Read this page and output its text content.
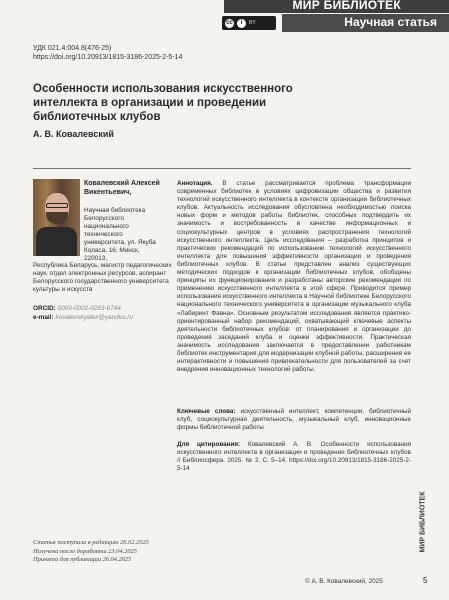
МИР БИБЛИОТЕК
cc	i	BY	Научная статья
УДК 021.4:004.8(476-25)
https://doi.org/10.20913/1815-3186-2025-2-5-14
Особенности использования искусственного интеллекта в организации и проведении библиотечных клубов
А. В. Ковалевский
Ковалевский Алексей Викентьевич,
Научная библиотека Белорусского национального технического университета, ул. Якуба Коласа, 16, Минск, 220013,
Республика Беларусь, магистр педагогических наук, отдел электронных ресурсов, аспирант Белорусского государственного университета культуры и искусств
ORCID: 0009-0002-0283-6744
e-mail: kovalevskyalex@yandex.ru
Аннотация. В статье рассматривается проблема трансформации современных библиотек в условиях цифровизации общества и развития технологий искусственного интеллекта в контексте организации библиотечных клубов. Актуальность исследования обусловлена необходимостью поиска новых форм и методов работы библиотек, способных подтвердить их значимость и востребованность в качестве информационных и социокультурных центров в условиях распространения технологий искусственного интеллекта. Цель исследования – разработка принципов и практических рекомендаций по использованию технологий искусственного интеллекта для повышения эффективности организации и проведения библиотечных клубов. В статье представлен анализ существующих методических подходов к организации библиотечных клубов, обобщены принципы их функционирования и разработаны авторские рекомендации по применению искусственного интеллекта в этой сфере. Приводится пример использования искусственного интеллекта в Научной библиотеке Белорусского национального технического университета в организации музыкального клуба «Лабиринт Фавна». Основным результатом исследования является практико-ориентированный набор рекомендаций, охватывающий ключевые аспекты деятельности библиотечных клубов: от планирования и организации до проведения заседаний клуба и оценки эффективности. Практическая значимость исследования заключается в предоставлении работникам библиотек инструментария для модернизации клубной работы, расширения ее интерактивности и повышения привлекательности для пользователей за счет внедрения инновационных технологий работы.
Ключевые слова: искусственный интеллект, компетенции, библиотечный клуб, социокультурная деятельность, музыкальный клуб, инновационные формы библиотечной работы
Для цитирования: Ковалевский А. В. Особенности использования искусственного интеллекта в организации и проведении библиотечных клубов // Библиосфера. 2025. № 2. С. 5–14. https://doi.org/10.20913/1815-3186-2025-2-5-14
Статья поступила в редакцию 26.02.2025
Получена после доработки 23.04.2025
Принята для публикации 26.04.2025
© А. В. Ковалевский, 2025	5
МИР БИБЛИОТЕК
